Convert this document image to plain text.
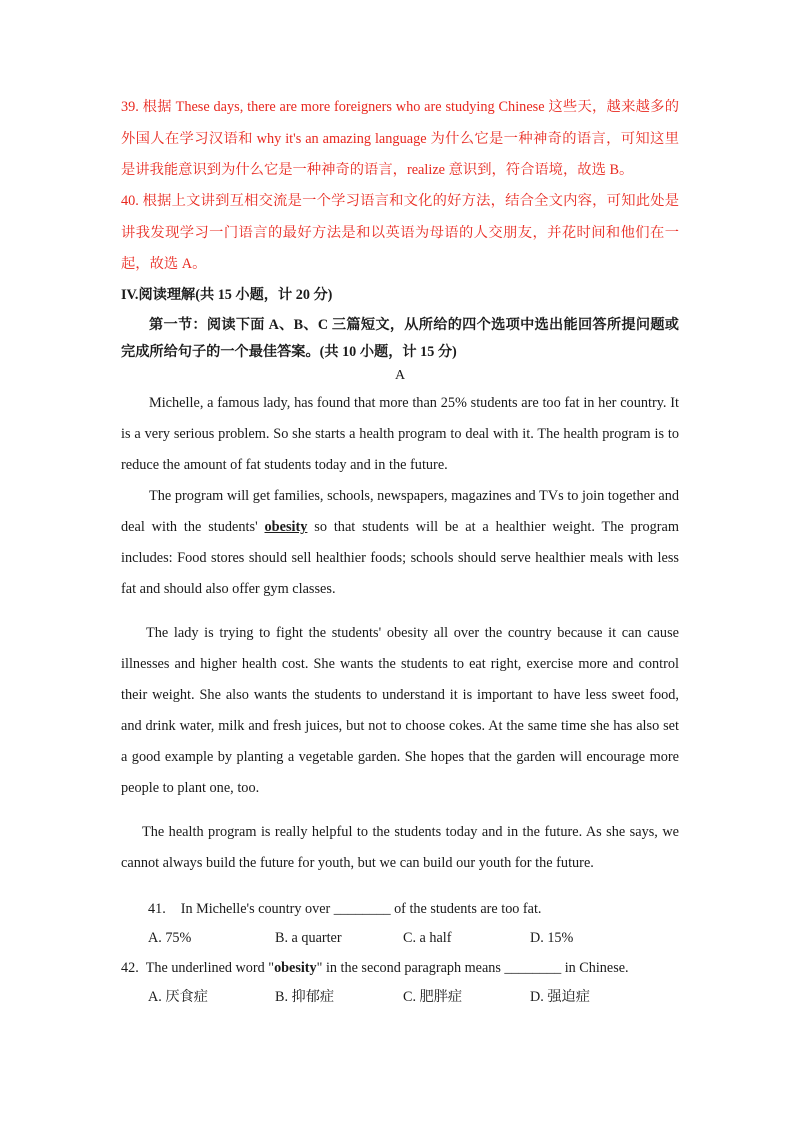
39. 根据 These days, there are more foreigners who are studying Chinese 这些天，越来越多的外国人在学习汉语和 why it's an amazing language 为什么它是一种神奇的语言，可知这里是讲我能意识到为什么它是一种神奇的语言，realize 意识到，符合语境，故选 B。
40. 根据上文讲到互相交流是一个学习语言和文化的好方法，结合全文内容，可知此处是讲我发现学习一门语言的最好方法是和以英语为母语的人交朋友，并花时间和他们在一起，故选 A。
IV.阅读理解(共 15 小题，计 20 分)
第一节：阅读下面 A、B、C 三篇短文，从所给的四个选项中选出能回答所提问题或完成所给句子的一个最佳答案。(共 10 小题，计 15 分)
A
Michelle, a famous lady, has found that more than 25% students are too fat in her country. It is a very serious problem. So she starts a health program to deal with it. The health program is to reduce the amount of fat students today and in the future.
The program will get families, schools, newspapers, magazines and TVs to join together and deal with the students' obesity so that students will be at a healthier weight. The program includes: Food stores should sell healthier foods; schools should serve healthier meals with less fat and should also offer gym classes.
The lady is trying to fight the students' obesity all over the country because it can cause illnesses and higher health cost. She wants the students to eat right, exercise more and control their weight. She also wants the students to understand it is important to have less sweet food, and drink water, milk and fresh juices, but not to choose cokes. At the same time she has also set a good example by planting a vegetable garden. She hopes that the garden will encourage more people to plant one, too.
The health program is really helpful to the students today and in the future. As she says, we cannot always build the future for youth, but we can build our youth for the future.
41. In Michelle's country over ________ of the students are too fat.
A. 75%	B. a quarter	C. a half	D. 15%
42. The underlined word "obesity" in the second paragraph means ________ in Chinese.
A. 厌食症	B. 抑郁症	C. 肥胖症	D. 强迫症
